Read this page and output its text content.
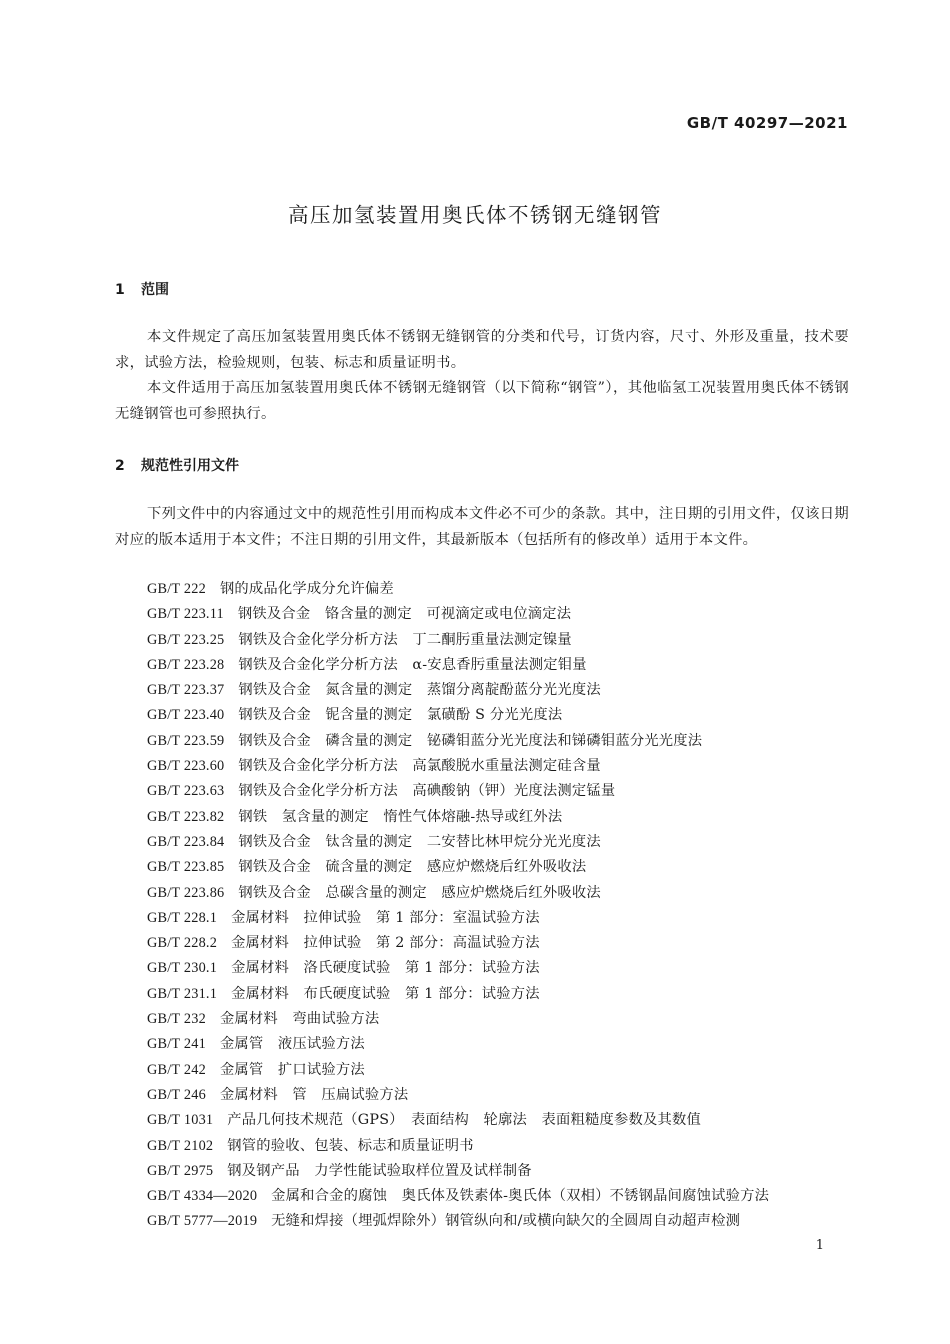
GB/T 40297—2021
高压加氢装置用奥氏体不锈钢无缝钢管
1 范围
本文件规定了高压加氢装置用奥氏体不锈钢无缝钢管的分类和代号，订货内容，尺寸、外形及重量，技术要求，试验方法，检验规则，包装、标志和质量证明书。
本文件适用于高压加氢装置用奥氏体不锈钢无缝钢管（以下简称“钢管”），其他临氢工况装置用奥氏体不锈钢无缝钢管也可参照执行。
2 规范性引用文件
下列文件中的内容通过文中的规范性引用而构成本文件必不可少的条款。其中，注日期的引用文件，仅该日期对应的版本适用于本文件；不注日期的引用文件，其最新版本（包括所有的修改单）适用于本文件。
GB/T 222 钢的成品化学成分允许偏差
GB/T 223.11 钢铁及合金　铬含量的测定　可视滴定或电位滴定法
GB/T 223.25 钢铁及合金化学分析方法　丁二酮肟重量法测定镍量
GB/T 223.28 钢铁及合金化学分析方法　α-安息香肟重量法测定钼量
GB/T 223.37 钢铁及合金　氮含量的测定　蒸馏分离靛酚蓝分光光度法
GB/T 223.40 钢铁及合金　铌含量的测定　氯磺酚 S 分光光度法
GB/T 223.59 钢铁及合金　磷含量的测定　铋磷钼蓝分光光度法和锑磷钼蓝分光光度法
GB/T 223.60 钢铁及合金化学分析方法　高氯酸脱水重量法测定硅含量
GB/T 223.63 钢铁及合金化学分析方法　高碘酸钠（钾）光度法测定锰量
GB/T 223.82 钢铁　氢含量的测定　惰性气体熔融-热导或红外法
GB/T 223.84 钢铁及合金　钛含量的测定　二安替比林甲烷分光光度法
GB/T 223.85 钢铁及合金　硫含量的测定　感应炉燃烧后红外吸收法
GB/T 223.86 钢铁及合金　总碳含量的测定　感应炉燃烧后红外吸收法
GB/T 228.1 金属材料　拉伸试验　第 1 部分：室温试验方法
GB/T 228.2 金属材料　拉伸试验　第 2 部分：高温试验方法
GB/T 230.1 金属材料　洛氏硬度试验　第 1 部分：试验方法
GB/T 231.1 金属材料　布氏硬度试验　第 1 部分：试验方法
GB/T 232 金属材料　弯曲试验方法
GB/T 241 金属管　液压试验方法
GB/T 242 金属管　扩口试验方法
GB/T 246 金属材料　管　压扁试验方法
GB/T 1031 产品几何技术规范（GPS）　表面结构　轮廓法　表面粗糙度参数及其数值
GB/T 2102 钢管的验收、包装、标志和质量证明书
GB/T 2975 钢及钢产品　力学性能试验取样位置及试样制备
GB/T 4334—2020 金属和合金的腐蚀　奥氏体及铁素体-奥氏体（双相）不锈钢晶间腐蚀试验方法
GB/T 5777—2019 无缝和焊接（埋弧焊除外）钢管纵向和/或横向缺欠的全圆周自动超声检测
1
